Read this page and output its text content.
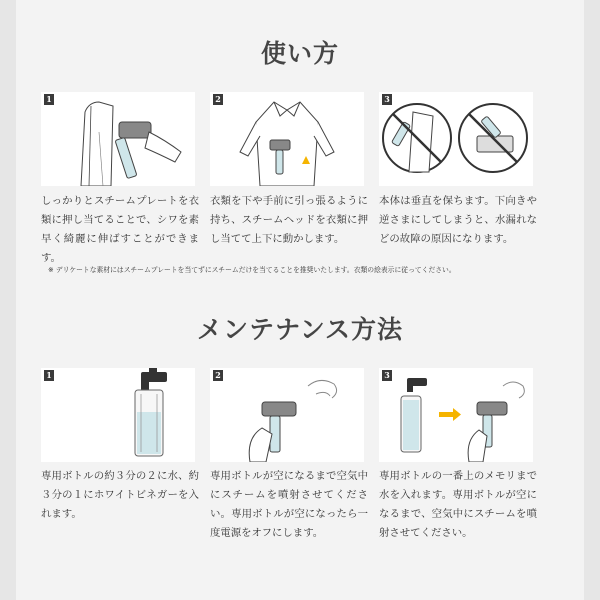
使い方
1
しっかりとスチームプレートを衣類に押し当てることで、シワを素早く綺麗に伸ばすことができます。
2
衣類を下や手前に引っ張るように持ち、スチームヘッドを衣類に押し当てて上下に動かします。
3
本体は垂直を保ちます。下向きや逆さまにしてしまうと、水漏れなどの故障の原因になります。
※ デリケートな素材にはスチームプレートを当てずにスチームだけを当てることを推奨いたします。衣類の絵表示に従ってください。
メンテナンス方法
1
専用ボトルの約３分の２に水、約３分の１にホワイトビネガーを入れます。
2
専用ボトルが空になるまで空気中にスチームを噴射させてください。専用ボトルが空になったら一度電源をオフにします。
3
専用ボトルの一番上のメモリまで水を入れます。専用ボトルが空になるまで、空気中にスチームを噴射させてください。
